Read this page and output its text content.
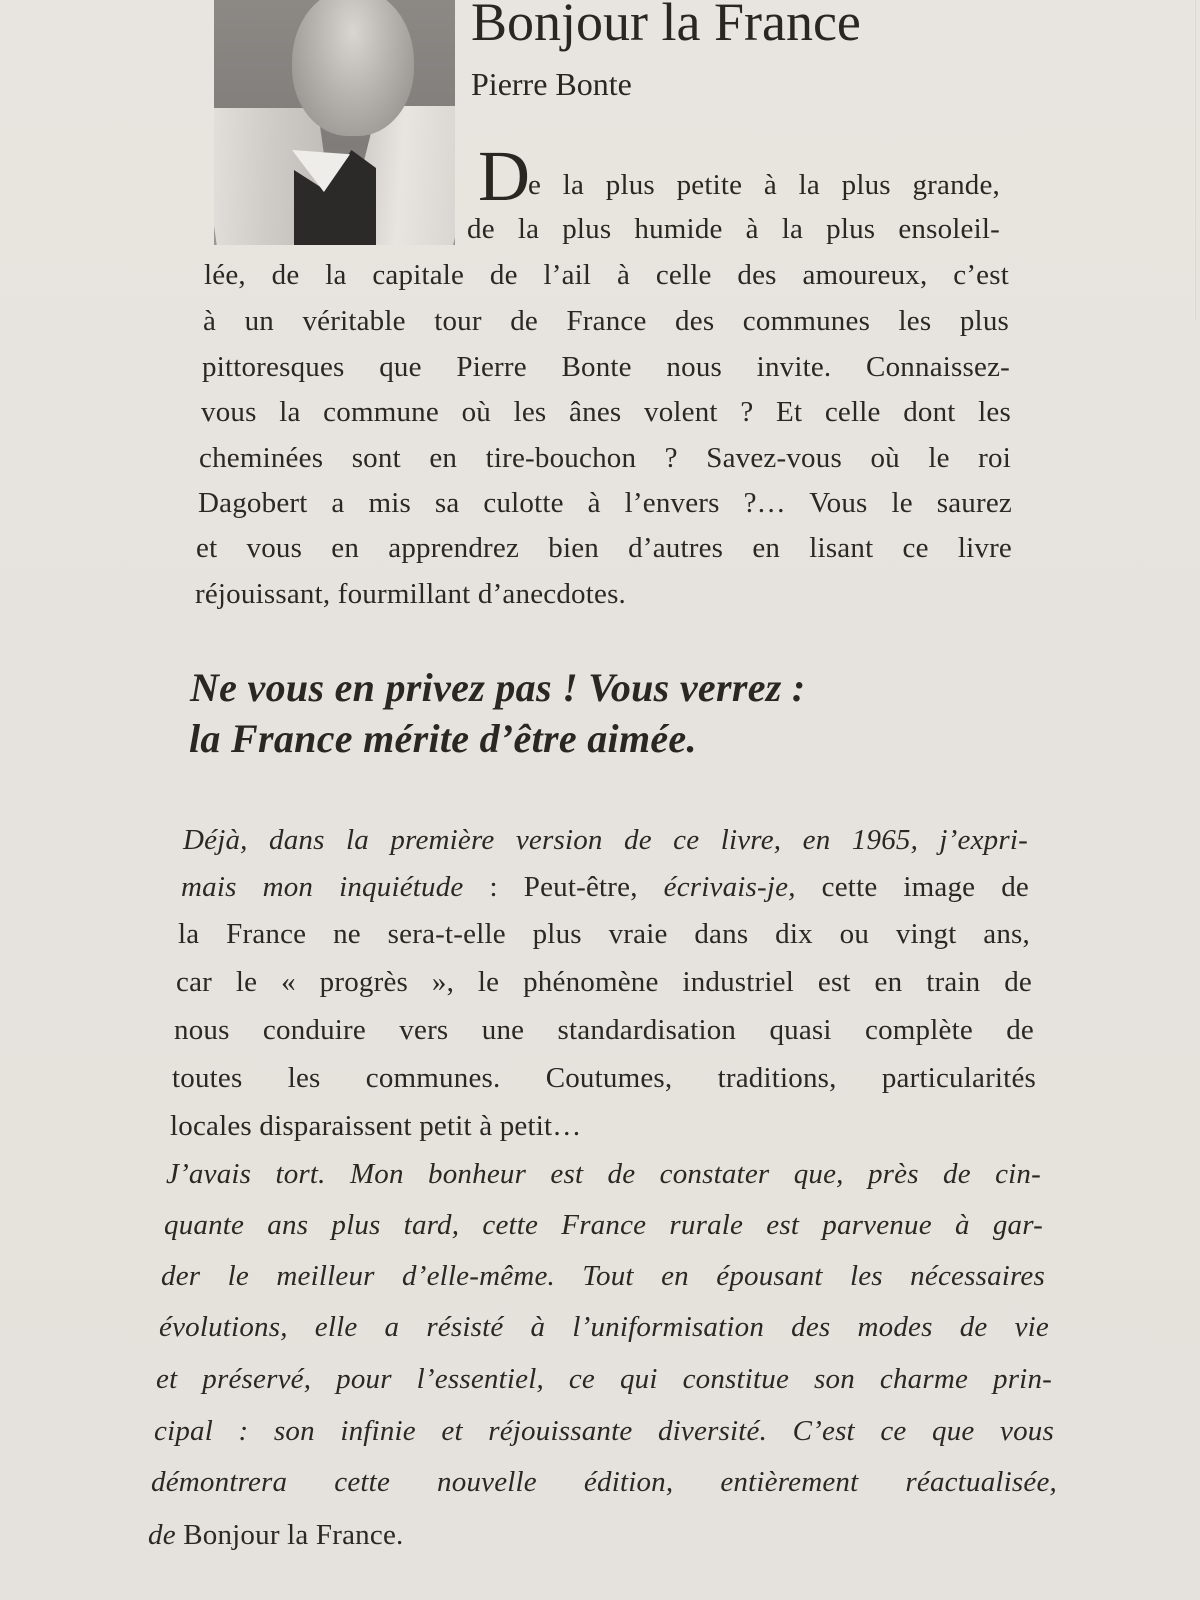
Bonjour la France
Pierre Bonte
D
e la plus petite à la plus grande,
de la plus humide à la plus ensoleil-
lée, de la capitale de l’ail à celle des amoureux, c’est
à un véritable tour de France des communes les plus
pittoresques que Pierre Bonte nous invite. Connaissez-
vous la commune où les ânes volent ? Et celle dont les
cheminées sont en tire-bouchon ? Savez-vous où le roi
Dagobert a mis sa culotte à l’envers ?… Vous le saurez
et vous en apprendrez bien d’autres en lisant ce livre
réjouissant, fourmillant d’anecdotes.
Ne vous en privez pas ! Vous verrez :
la France mérite d’être aimée.
Déjà, dans la première version de ce livre, en 1965, j’expri-
mais mon inquiétude : Peut-être, écrivais-je, cette image de
la France ne sera-t-elle plus vraie dans dix ou vingt ans,
car le « progrès », le phénomène industriel est en train de
nous conduire vers une standardisation quasi complète de
toutes les communes. Coutumes, traditions, particularités
locales disparaissent petit à petit…
J’avais tort. Mon bonheur est de constater que, près de cin-
quante ans plus tard, cette France rurale est parvenue à gar-
der le meilleur d’elle-même. Tout en épousant les nécessaires
évolutions, elle a résisté à l’uniformisation des modes de vie
et préservé, pour l’essentiel, ce qui constitue son charme prin-
cipal : son infinie et réjouissante diversité. C’est ce que vous
démontrera cette nouvelle édition, entièrement réactualisée,
de Bonjour la France.
